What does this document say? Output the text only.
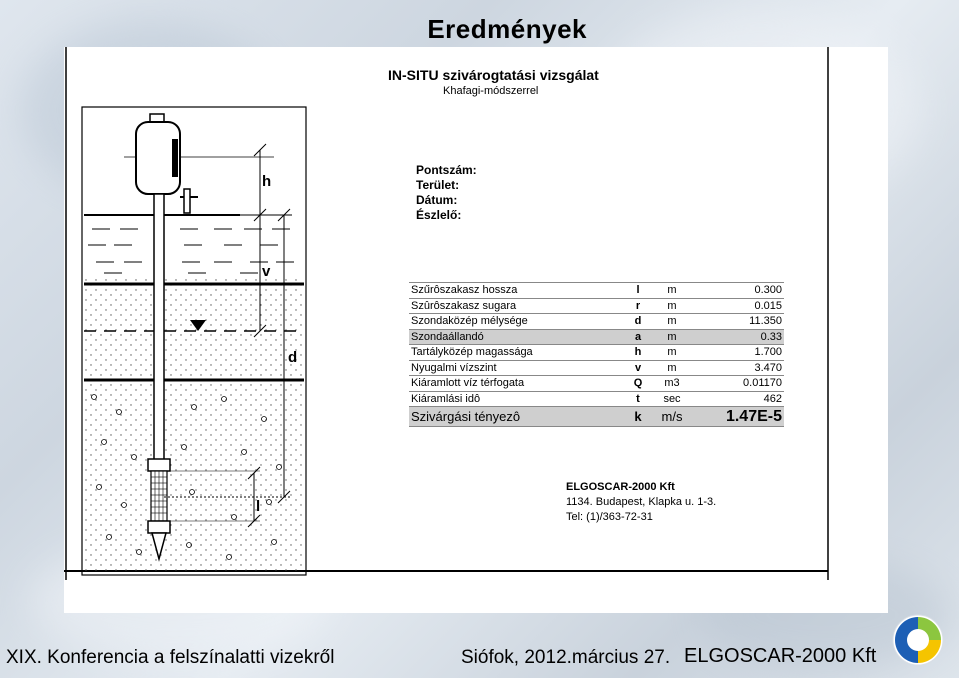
Eredmények
h
v
d
l
IN-SITU szivárogtatási vizsgálat
Khafagi-módszerrel
Pontszám:
Terület:
Dátum:
Észlelő:
Szűrôszakasz hossza	l	m	0.300
Szûrôszakasz sugara	r	m	0.015
Szondaközép mélysége	d	m	11.350
Szondaállandó	a	m	0.33
Tartályközép magassága	h	m	1.700
Nyugalmi vízszint	v	m	3.470
Kiáramlott víz térfogata	Q	m3	0.01170
Kiáramlási idô	t	sec	462
Szivárgási tényezô	k	m/s	1.47E-5
ELGOSCAR-2000 Kft
1134. Budapest, Klapka u. 1-3.
Tel: (1)/363-72-31
XIX. Konferencia a felszínalatti vizekről	Siófok, 2012.március 27. ELGOSCAR-2000 Kft
